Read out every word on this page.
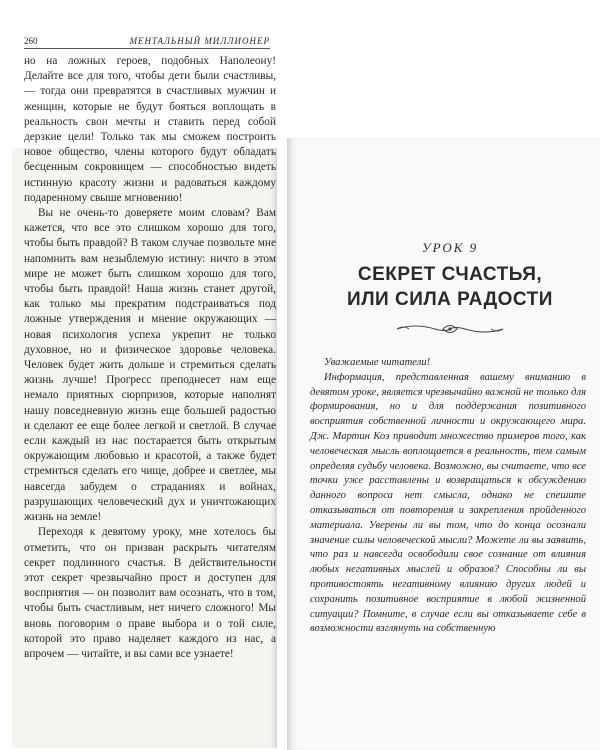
260	МЕНТАЛЬНЫЙ МИЛЛИОНЕР

но на ложных героев, подобных Наполеону! Делайте все для того, чтобы дети были счастливы, — тогда они превратятся в счастливых мужчин и женщин, которые не будут бояться воплощать в реальность свои мечты и ставить перед собой дерзкие цели! Только так мы сможем построить новое общество, члены которого будут обладать бесценным сокровищем — способностью видеть истинную красоту жизни и радоваться каждому подаренному свыше мгновению!

Вы не очень-то доверяете моим словам? Вам кажется, что все это слишком хорошо для того, чтобы быть правдой? В таком случае позвольте мне напомнить вам незыблемую истину: ничто в этом мире не может быть слишком хорошо для того, чтобы быть правдой! Наша жизнь станет другой, как только мы прекратим подстраиваться под ложные утверждения и мнение окружающих — новая психология успеха укрепит не только духовное, но и физическое здоровье человека. Человек будет жить дольше и стремиться сделать жизнь лучше! Прогресс преподнесет нам еще немало приятных сюрпризов, которые наполнят нашу повседневную жизнь еще большей радостью и сделают ее еще более легкой и светлой. В случае если каждый из нас постарается быть открытым окружающим любовью и красотой, а также будет стремиться сделать его чище, добрее и светлее, мы навсегда забудем о страданиях и войнах, разрушающих человеческий дух и уничтожающих жизнь на земле!

Переходя к девятому уроку, мне хотелось бы отметить, что он призван раскрыть читателям секрет подлинного счастья. В действительности этот секрет чрезвычайно прост и доступен для восприятия — он позволит вам осознать, что в том, чтобы быть счастливым, нет ничего сложного! Мы вновь поговорим о праве выбора и о той силе, которой это право наделяет каждого из нас, а впрочем — читайте, и вы сами все узнаете!

УРОК 9
СЕКРЕТ СЧАСТЬЯ,
ИЛИ СИЛА РАДОСТИ

Уважаемые читатели!

Информация, представленная вашему вниманию в девятом уроке, является чрезвычайно важной не только для формирования, но и для поддержания позитивного восприятия собственной личности и окружающего мира. Дж. Мартин Коэ приводит множество примеров того, как человеческая мысль воплощается в реальность, тем самым определяя судьбу человека. Возможно, вы считаете, что все точки уже расставлены и возвращаться к обсуждению данного вопроса нет смысла, однако не спешите отказываться от повторения и закрепления пройденного материала. Уверены ли вы том, что до конца осознали значение силы человеческой мысли? Можете ли вы заявить, что раз и навсегда освободили свое сознание от влияния любых негативных мыслей и образов? Способны ли вы противостоять негативному влиянию других людей и сохранить позитивное восприятие в любой жизненной ситуации? Помните, в случае если вы отказываете себе в возможности взглянуть на собственную
